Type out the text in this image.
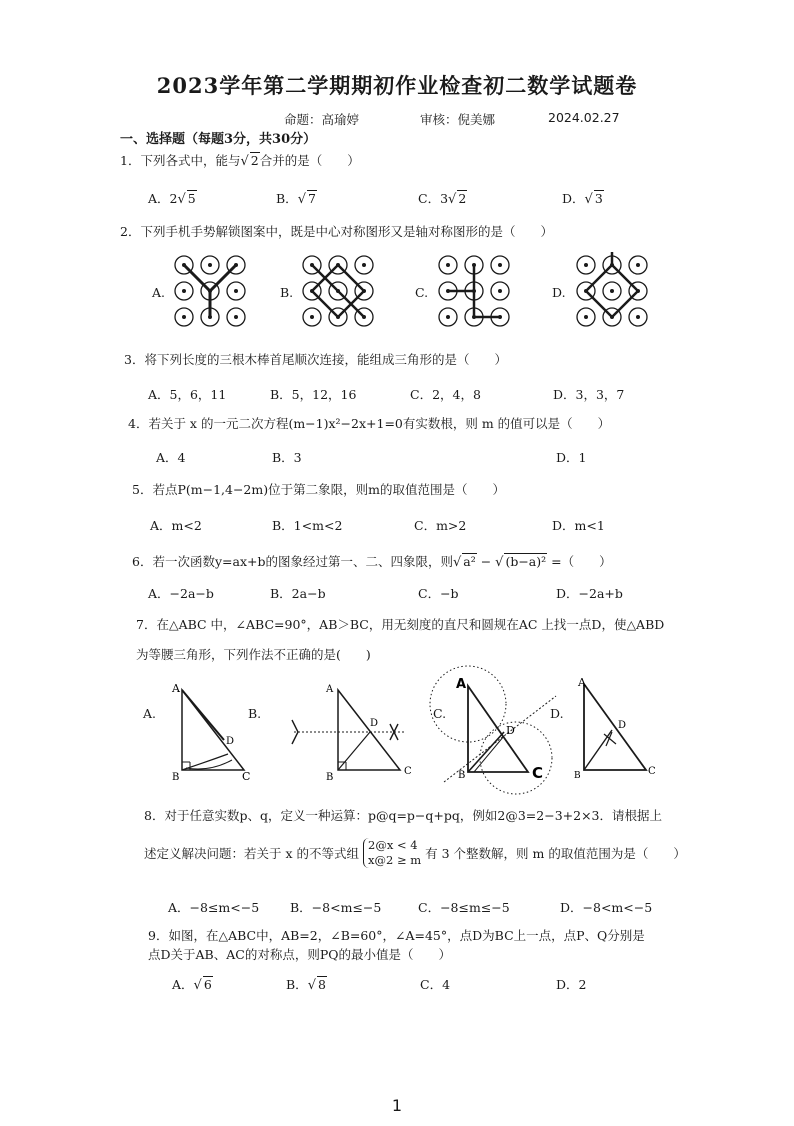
2023学年第二学期期初作业检查初二数学试题卷
命题：高瑜婷	审核：倪美娜	2024.02.27
一、选择题（每题3分，共30分）
1．下列各式中，能与√ 2合并的是（　　）
A．2√ 5	B．√ 7	C．3√ 2	D．√ 3
2．下列手机手势解锁图案中，既是中心对称图形又是轴对称图形的是（　　）
A.	B.	C.	D.
3．将下列长度的三根木棒首尾顺次连接，能组成三角形的是（　　）
A．5，6，11	B．5，12，16	C．2，4，8	D．3，3，7
4．若关于 x 的一元二次方程(m−1)x²−2x+1=0有实数根，则 m 的值可以是（　　）
A．4	B．3	D．1
5．若点P(m−1,4−2m)位于第二象限，则m的取值范围是（　　）
A．m<2	B．1<m<2	C．m>2	D．m<1
6．若一次函数y=ax+b的图象经过第一、二、四象限，则√ a² − √ (b−a)² =（　　）
A．−2a−b	B．2a−b	C．−b	D．−2a+b
7．在△ABC 中，∠ABC=90°，AB＞BC，用无刻度的直尺和圆规在AC 上找一点D，使△ABD
为等腰三角形，下列作法不正确的是(　　)
A.	B.	C.	D.
A
D
B	C
A
D
B
C
A
D
B	C
A
D
B	C
8．对于任意实数p、q，定义一种运算：p@q=p−q+pq，例如2@3=2−3+2×3．请根据上
述定义解决问题：若关于 x 的不等式组2@x < 4
x@2 ≥ m 有 3 个整数解，则 m 的取值范围为是（　　）
A．−8≤m<−5 B．−8<m≤−5	C．−8≤m≤−5	D．−8<m<−5
9．如图，在△ABC中，AB=2，∠B=60°，∠A=45°，点D为BC上一点，点P、Q分别是
点D关于AB、AC的对称点，则PQ的最小值是（　　）
A．√ 6	B．√ 8	C．4	D．2
1
